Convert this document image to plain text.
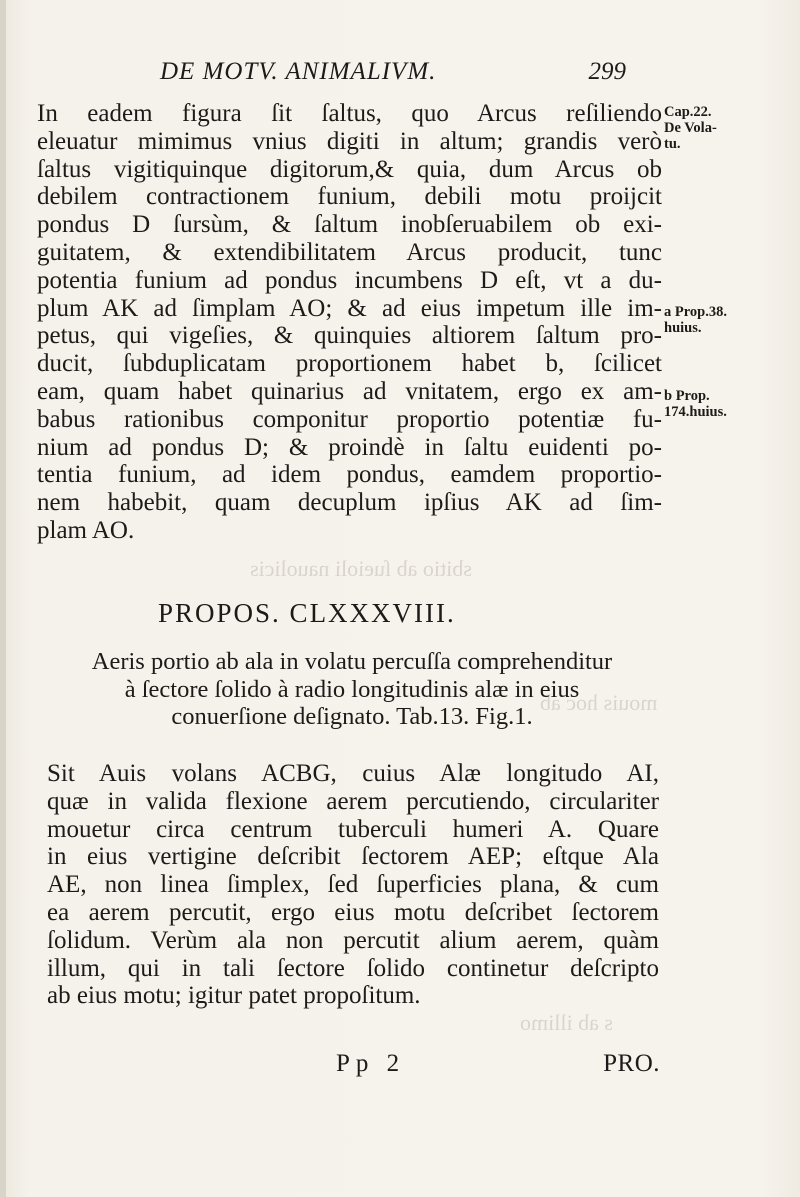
sbitio ab ſueioli nauolicis
mouis hoc ab
s ab illimo
DE MOTV. ANIMALIVM.	299
In eadem figura ſit ſaltus, quo Arcus reſiliendo
eleuatur mimimus vnius digiti in altum; grandis verò
ſaltus vigitiquinque digitorum,& quia, dum Arcus ob
debilem contractionem funium, debili motu proijcit
pondus D ſursùm, & ſaltum inobſeruabilem ob exi-
guitatem, & extendibilitatem Arcus producit, tunc
potentia funium ad pondus incumbens D eſt, vt a du-
plum AK ad ſimplam AO; & ad eius impetum ille im-
petus, qui vigeſies, & quinquies altiorem ſaltum pro-
ducit, ſubduplicatam proportionem habet b, ſcilicet
eam, quam habet quinarius ad vnitatem, ergo ex am-
babus rationibus componitur proportio potentiæ fu-
nium ad pondus D; & proindè in ſaltu euidenti po-
tentia funium, ad idem pondus, eamdem proportio-
nem habebit, quam decuplum ipſius AK ad ſim-
plam AO.
PROPOS. CLXXXVIII.
Aeris portio ab ala in volatu percuſſa comprehenditur
à ſectore ſolido à radio longitudinis alæ in eius
conuerſione deſignato. Tab.13. Fig.1.
Sit Auis volans ACBG, cuius Alæ longitudo AI,
quæ in valida flexione aerem percutiendo, circulariter
mouetur circa centrum tuberculi humeri A. Quare
in eius vertigine deſcribit ſectorem AEP; eſtque Ala
AE, non linea ſimplex, ſed ſuperficies plana, & cum
ea aerem percutit, ergo eius motu deſcribet ſectorem
ſolidum. Verùm ala non percutit alium aerem, quàm
illum, qui in tali ſectore ſolido continetur deſcripto
ab eius motu; igitur patet propoſitum.
Cap.22.
De Vola-
tu.
a Prop.38.
huius.
b Prop.
174.huius.
Pp 2	PRO.
